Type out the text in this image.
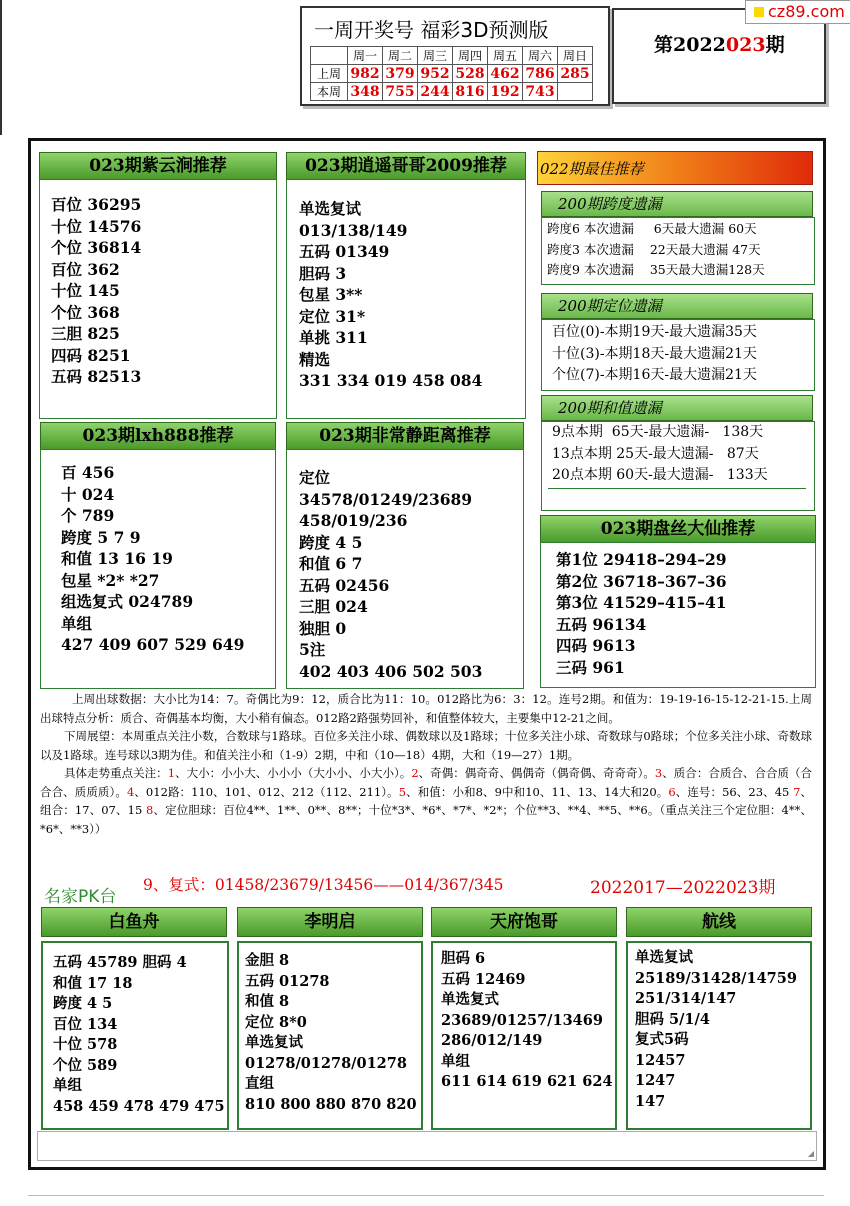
一周开奖号 福彩3D预测版
	周一	周二	周三	周四	周五	周六	周日
上周	982	379	952	528	462	786	285
本周	348	755	244	816	192	743	
第2022023期
cz89.com
023期紫云涧推荐
百位 36295
十位 14576
个位 36814
百位 362
十位 145
个位 368
三胆 825
四码 8251
五码 82513
023期逍遥哥哥2009推荐
单选复试
013/138/149
五码 01349
胆码 3
包星 3**
定位 31*
单挑 311
精选
331 334 019 458 084
022期最佳推荐
200期跨度遗漏
跨度6 本次遗漏     6天最大遗漏 60天
跨度3 本次遗漏    22天最大遗漏 47天
跨度9 本次遗漏    35天最大遗漏128天
200期定位遗漏
百位(0)-本期19天-最大遗漏35天
十位(3)-本期18天-最大遗漏21天
个位(7)-本期16天-最大遗漏21天
200期和值遗漏
9点本期  65天-最大遗漏-   138天
13点本期 25天-最大遗漏-   87天
20点本期 60天-最大遗漏-   133天
023期lxh888推荐
百 456
十 024
个 789
跨度 5 7 9
和值 13 16 19
包星 *2* *27
组选复式 024789
单组
427 409 607 529 649
023期非常静距离推荐
定位
34578/01249/23689
458/019/236
跨度 4 5
和值 6 7
五码 02456
三胆 024
独胆 0
5注
402 403 406 502 503
023期盘丝大仙推荐
第1位 29418–294–29
第2位 36718–367–36
第3位 41529–415–41
五码 96134
四码 9613
三码 961
白鱼舟	李明启	天府饱哥	航线
五码 45789 胆码 4
和值 17 18
跨度 4 5
百位 134
十位 578
个位 589
单组
458 459 478 479 475
金胆 8
五码 01278
和值 8
定位 8*0
单选复试
01278/01278/01278
直组
810 800 880 870 820
胆码 6
五码 12469
单选复式
23689/01257/13469
286/012/149
单组
611 614 619 621 624
单选复试
25189/31428/14759
251/314/147
胆码 5/1/4
复式5码
12457
1247
147
◢

上周出球数据：大小比为14：7。奇偶比为9：12，质合比为11：10。012路比为6：3：12。连号2期。和值为：19-19-16-15-12-21-15.上周出球特点分析：质合、奇偶基本均衡，大小稍有偏态。012路2路强势回补，和值整体较大，主要集中12-21之间。

下周展望：本周重点关注小数，合数球与1路球。百位多关注小球、偶数球以及1路球；十位多关注小球、奇数球与0路球；个位多关注小球、奇数球以及1路球。连号球以3期为佳。和值关注小和（1-9）2期，中和（10—18）4期，大和（19—27）1期。

具体走势重点关注：1、大小：小小大、小小小（大小小、小大小）。2、奇偶：偶奇奇、偶偶奇（偶奇偶、奇奇奇）。3、质合：合质合、合合质（合合合、质质质）。4、012路：110、101、012、212（112、211）。5、和值：小和8、9中和10、11、13、14大和20。6、连号：56、23、45 7、组合：17、07、15 8、定位胆球：百位4**、1**、0**、8**；十位*3*、*6*、*7*、*2*；个位**3、**4、**5、**6。（重点关注三个定位胆：4**、*6*、**3））

名家PK台
9、复式：01458/23679/13456——014/367/345	2022017—2022023期
